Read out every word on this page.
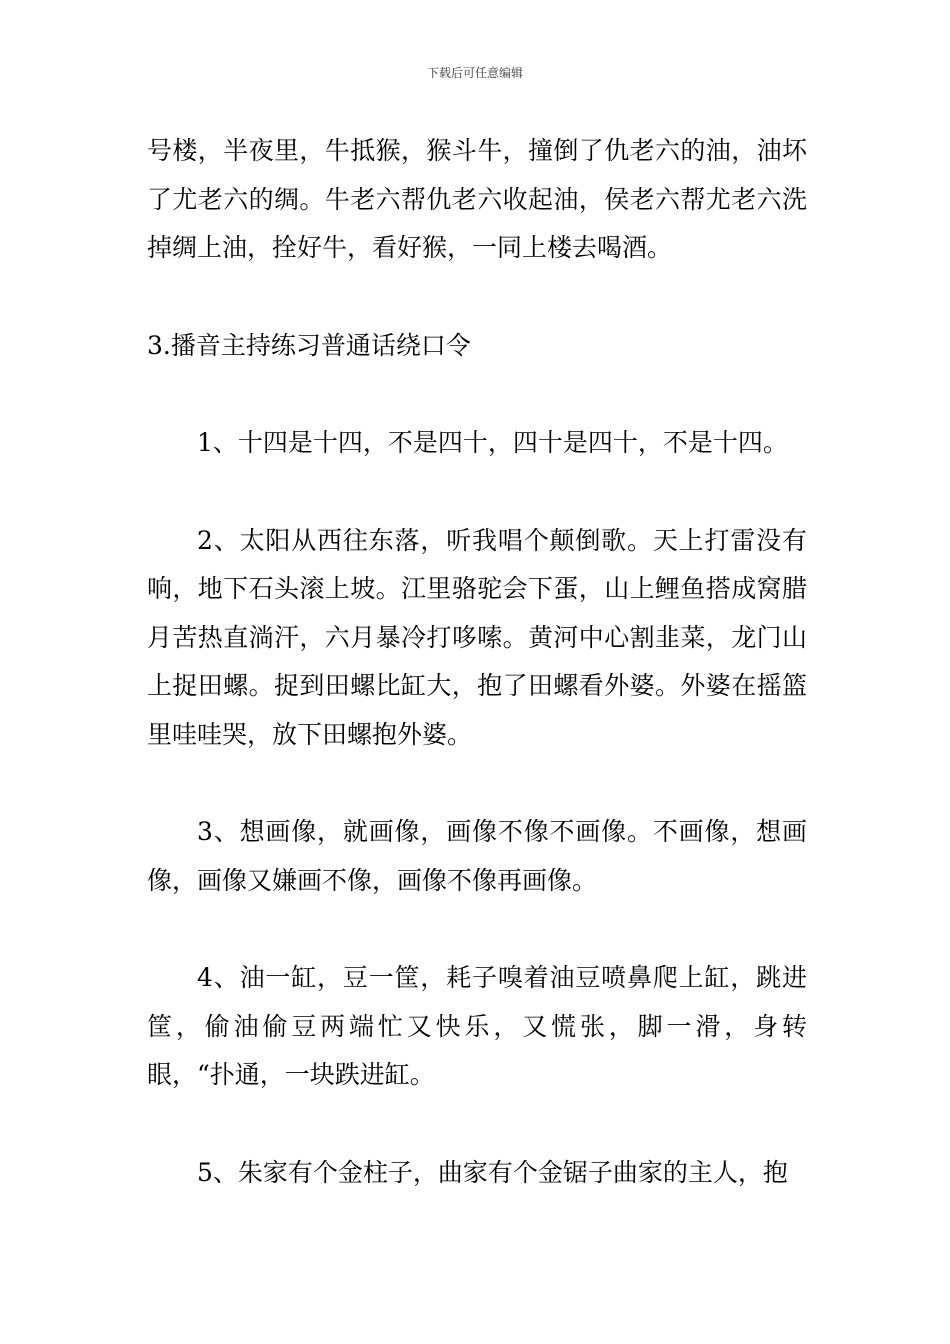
下载后可任意编辑

号楼，半夜里，牛抵猴，猴斗牛，撞倒了仇老六的油，油坏了尤老六的绸。牛老六帮仇老六收起油，侯老六帮尤老六洗掉绸上油，拴好牛，看好猴，一同上楼去喝酒。

3.播音主持练习普通话绕口令

1、十四是十四，不是四十，四十是四十，不是十四。

2、太阳从西往东落，听我唱个颠倒歌。天上打雷没有响，地下石头滚上坡。江里骆驼会下蛋，山上鲤鱼搭成窝腊月苦热直淌汗，六月暴冷打哆嗦。黄河中心割韭菜，龙门山上捉田螺。捉到田螺比缸大，抱了田螺看外婆。外婆在摇篮里哇哇哭，放下田螺抱外婆。

3、想画像，就画像，画像不像不画像。不画像，想画像，画像又嫌画不像，画像不像再画像。

4、油一缸，豆一筐，耗子嗅着油豆喷鼻爬上缸，跳进筐，偷油偷豆两端忙又快乐，又慌张，脚一滑，身转眼，“扑通，一块跌进缸。

5、朱家有个金柱子，曲家有个金锯子曲家的主人，抱
